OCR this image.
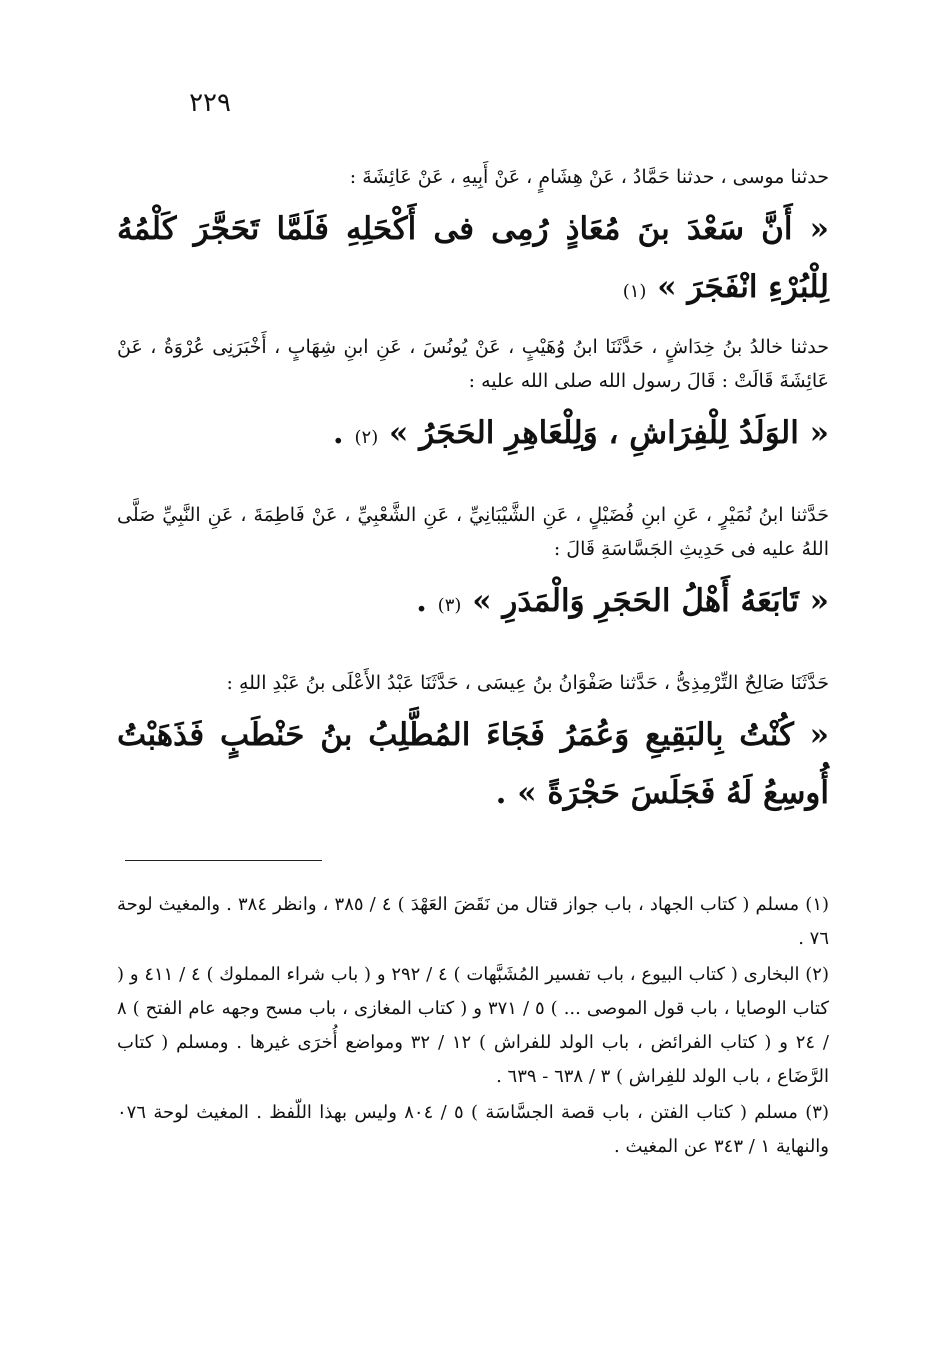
٢٢٩

حدثنا موسى ، حدثنا حَمَّادُ ، عَنْ هِشَامٍ ، عَنْ أَبِيهِ ، عَنْ عَائِشَةَ :

« أَنَّ سَعْدَ بنَ مُعَاذٍ رُمِى فى أَكْحَلِهِ فَلَمَّا تَحَجَّرَ كَلْمُهُ لِلْبُرْءِ انْفَجَرَ » (١)

حدثنا خالدُ بنُ خِدَاشٍ ، حَدَّثَنَا ابنُ وُهَيْبٍ ، عَنْ يُونُسَ ، عَنِ ابنِ شِهَابٍ ، أَخْبَرَنِى عُرْوَةُ ، عَنْ عَائِشَةَ قَالَتْ : قَالَ رسول الله صلى الله عليه :

« الوَلَدُ لِلْفِرَاشِ ، وَلِلْعَاهِرِ الحَجَرُ » (٢) .

حَدَّثنا ابنُ نُمَيْرٍ ، عَنِ ابنِ فُضَيْلٍ ، عَنِ الشَّيْبَانِيِّ ، عَنِ الشَّعْبِيِّ ، عَنْ فَاطِمَةَ ، عَنِ النَّبِيِّ صَلَّى اللهُ عليه فى حَدِيثِ الجَسَّاسَةِ قَالَ :

« تَابَعَهُ أَهْلُ الحَجَرِ وَالْمَدَرِ » (٣) .

حَدَّثَنَا صَالِحٌ التِّرْمِذِىُّ ، حَدَّثنا صَفْوَانُ بنُ عِيسَى ، حَدَّثَنَا عَبْدُ الأَعْلَى بنُ عَبْدِ اللهِ :

« كُنْتُ بِالبَقِيعِ وَعُمَرُ فَجَاءَ المُطَّلِبُ بنُ حَنْطَبٍ فَذَهَبْتُ أُوسِعُ لَهُ فَجَلَسَ حَجْرَةً » .

(١) مسلم ( كتاب الجهاد ، باب جواز قتال من نَقَضَ العَهْدَ ) ٤ / ٣٨٥ ، وانظر ٣٨٤ . والمغيث لوحة ٧٦ .

(٢) البخارى ( كتاب البيوع ، باب تفسير المُشَبَّهات ) ٤ / ٢٩٢ و ( باب شراء المملوك ) ٤ / ٤١١ و ( كتاب الوصايا ، باب قول الموصى ... ) ٥ / ٣٧١ و ( كتاب المغازى ، باب مسح وجهه عام الفتح ) ٨ / ٢٤ و ( كتاب الفرائض ، باب الولد للفراش ) ١٢ / ٣٢ ومواضع أُخرَى غيرها . ومسلم ( كتاب الرَّضَاع ، باب الولد للفِراش ) ٣ / ٦٣٨ - ٦٣٩ .

(٣) مسلم ( كتاب الفتن ، باب قصة الجسَّاسَة ) ٥ / ٨٠٤ وليس بهذا اللّفظ . المغيث لوحة ٠٧٦ والنهاية ١ / ٣٤٣ عن المغيث .
